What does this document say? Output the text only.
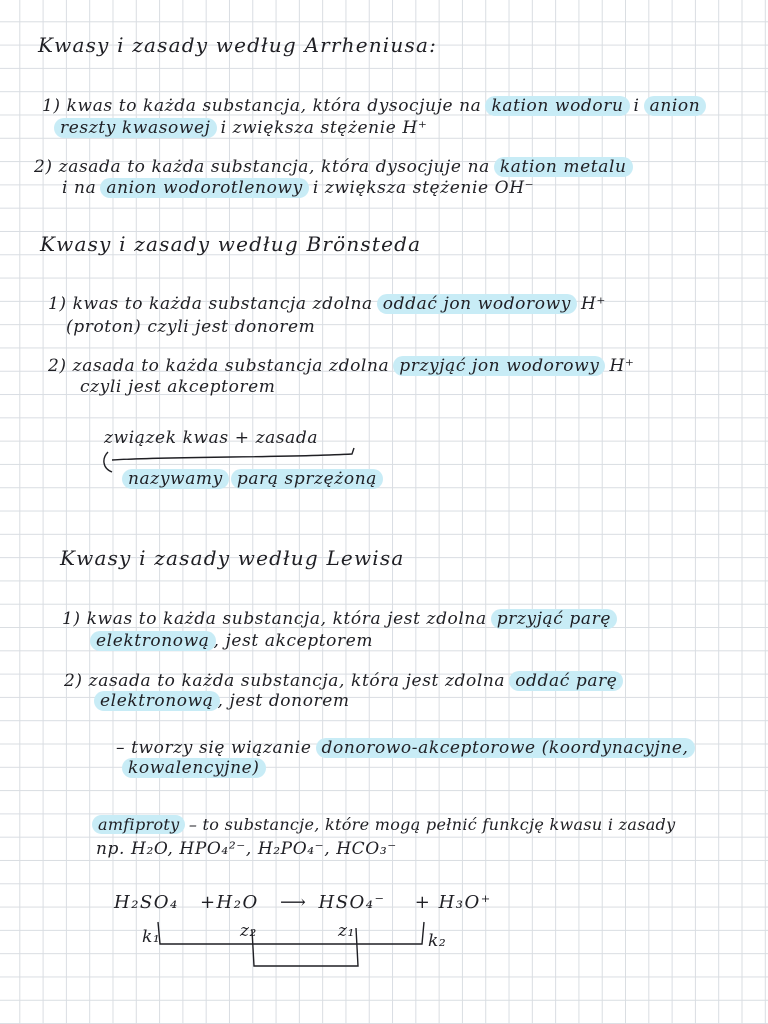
Kwasy i zasady według Arrheniusa:
1) kwas to każda substancja, która dysocjuje na kation wodoru i anion
reszty kwasowej i zwiększa stężenie H⁺
2) zasada to każda substancja, która dysocjuje na kation metalu
i na anion wodorotlenowy i zwiększa stężenie OH⁻
Kwasy i zasady według Brönsteda
1) kwas to każda substancja zdolna oddać jon wodorowy H⁺
(proton) czyli jest donorem
2) zasada to każda substancja zdolna przyjąć jon wodorowy H⁺
czyli jest akceptorem
związek kwas + zasada
nazywamy parą sprzężoną
Kwasy i zasady według Lewisa
1) kwas to każda substancja, która jest zdolna przyjąć parę
elektronową , jest akceptorem
2) zasada to każda substancja, która jest zdolna oddać parę
elektronową , jest donorem
– tworzy się wiązanie donorowo-akceptorowe (koordynacyjne,
kowalencyjne)
amfiproty – to substancje, które mogą pełnić funkcję kwasu i zasady
np. H₂O, HPO₄²⁻, H₂PO₄⁻, HCO₃⁻
H₂SO₄ +H₂O ⟶ HSO₄⁻ + H₃O⁺
k₁	z₂	z₁	k₂
